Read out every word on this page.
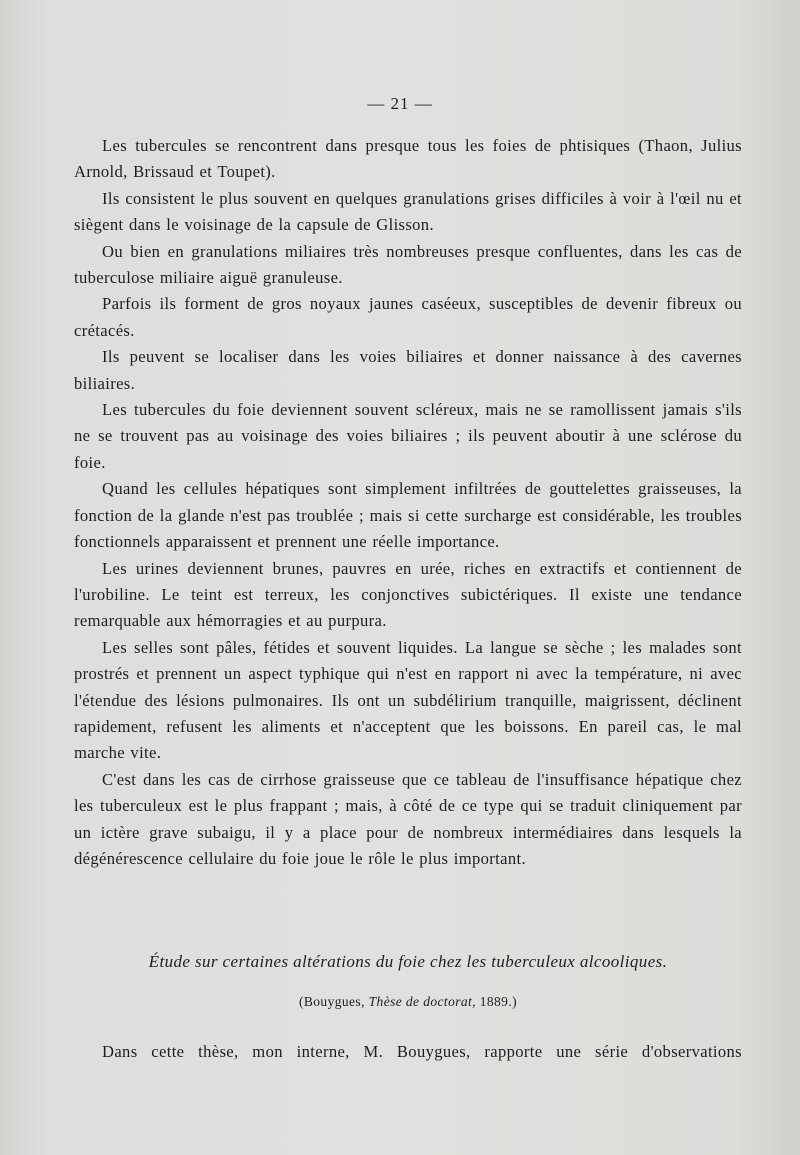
— 21 —

Les tubercules se rencontrent dans presque tous les foies de phtisiques (Thaon, Julius Arnold, Brissaud et Toupet).

Ils consistent le plus souvent en quelques granulations grises difficiles à voir à l'œil nu et siègent dans le voisinage de la capsule de Glisson.

Ou bien en granulations miliaires très nombreuses presque confluentes, dans les cas de tuberculose miliaire aiguë granuleuse.

Parfois ils forment de gros noyaux jaunes caséeux, susceptibles de devenir fibreux ou crétacés.

Ils peuvent se localiser dans les voies biliaires et donner naissance à des cavernes biliaires.

Les tubercules du foie deviennent souvent scléreux, mais ne se ramollissent jamais s'ils ne se trouvent pas au voisinage des voies biliaires ; ils peuvent aboutir à une sclérose du foie.

Quand les cellules hépatiques sont simplement infiltrées de gouttelettes graisseuses, la fonction de la glande n'est pas troublée ; mais si cette surcharge est considérable, les troubles fonctionnels apparaissent et prennent une réelle importance.

Les urines deviennent brunes, pauvres en urée, riches en extractifs et contiennent de l'urobiline. Le teint est terreux, les conjonctives subictériques. Il existe une tendance remarquable aux hémorragies et au purpura.

Les selles sont pâles, fétides et souvent liquides. La langue se sèche ; les malades sont prostrés et prennent un aspect typhique qui n'est en rapport ni avec la température, ni avec l'étendue des lésions pulmonaires. Ils ont un subdélirium tranquille, maigrissent, déclinent rapidement, refusent les aliments et n'acceptent que les boissons. En pareil cas, le mal marche vite.

C'est dans les cas de cirrhose graisseuse que ce tableau de l'insuffisance hépatique chez les tuberculeux est le plus frappant ; mais, à côté de ce type qui se traduit cliniquement par un ictère grave subaigu, il y a place pour de nombreux intermédiaires dans lesquels la dégénérescence cellulaire du foie joue le rôle le plus important.

Étude sur certaines altérations du foie chez les tuberculeux alcooliques.
(Bouygues, Thèse de doctorat, 1889.)

Dans cette thèse, mon interne, M. Bouygues, rapporte une série d'observations
